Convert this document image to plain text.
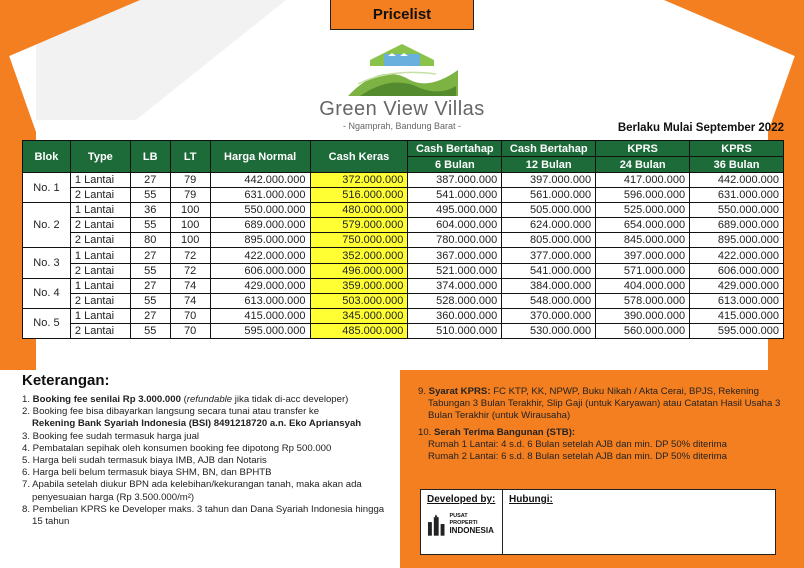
Pricelist
Green View Villas
- Ngamprah, Bandung Barat -	Berlaku Mulai September 2022
Blok	Type	LB	LT	Harga Normal	Cash Keras	Cash Bertahap	Cash Bertahap	KPRS	KPRS
						6 Bulan	12 Bulan	24 Bulan	36 Bulan
No. 1	1 Lantai	27	79	442.000.000	372.000.000	387.000.000	397.000.000	417.000.000	442.000.000
	2 Lantai	55	79	631.000.000	516.000.000	541.000.000	561.000.000	596.000.000	631.000.000
No. 2	1 Lantai	36	100	550.000.000	480.000.000	495.000.000	505.000.000	525.000.000	550.000.000
	2 Lantai	55	100	689.000.000	579.000.000	604.000.000	624.000.000	654.000.000	689.000.000
	2 Lantai	80	100	895.000.000	750.000.000	780.000.000	805.000.000	845.000.000	895.000.000
No. 3	1 Lantai	27	72	422.000.000	352.000.000	367.000.000	377.000.000	397.000.000	422.000.000
	2 Lantai	55	72	606.000.000	496.000.000	521.000.000	541.000.000	571.000.000	606.000.000
No. 4	1 Lantai	27	74	429.000.000	359.000.000	374.000.000	384.000.000	404.000.000	429.000.000
	2 Lantai	55	74	613.000.000	503.000.000	528.000.000	548.000.000	578.000.000	613.000.000
No. 5	1 Lantai	27	70	415.000.000	345.000.000	360.000.000	370.000.000	390.000.000	415.000.000
	2 Lantai	55	70	595.000.000	485.000.000	510.000.000	530.000.000	560.000.000	595.000.000
Keterangan:
1. Booking fee senilai Rp 3.000.000 (refundable jika tidak di-acc developer)
2. Booking fee bisa dibayarkan langsung secara tunai atau transfer ke
Rekening Bank Syariah Indonesia (BSI) 8491218720 a.n. Eko Apriansyah
3. Booking fee sudah termasuk harga jual
4. Pembatalan sepihak oleh konsumen booking fee dipotong Rp 500.000
5. Harga beli sudah termasuk biaya IMB, AJB dan Notaris
6. Harga beli belum termasuk biaya SHM, BN, dan BPHTB
7. Apabila setelah diukur BPN ada kelebihan/kekurangan tanah, maka akan ada penyesuaian harga (Rp 3.500.000/m²)
8. Pembelian KPRS ke Developer maks. 3 tahun dan Dana Syariah Indonesia hingga 15 tahun
9. Syarat KPRS: FC KTP, KK, NPWP, Buku Nikah / Akta Cerai, BPJS, Rekening Tabungan 3 Bulan Terakhir, Slip Gaji (untuk Karyawan) atau Catatan Hasil Usaha 3 Bulan Terakhir (untuk Wirausaha)
10. Serah Terima Bangunan (STB):
Rumah 1 Lantai: 4 s.d. 6 Bulan setelah AJB dan min. DP 50% diterima
Rumah 2 Lantai: 6 s.d. 8 Bulan setelah AJB dan min. DP 50% diterima
Developed by:
PUSAT PROPERTI
INDONESIA
Hubungi:
